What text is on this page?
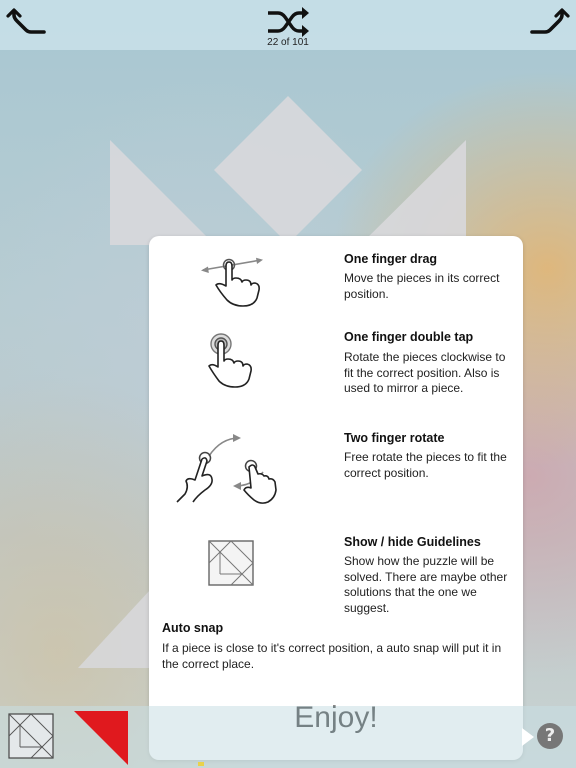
22 of 101

One finger drag

Move the pieces in its correct position.

One finger double tap

Rotate the pieces clockwise to fit the correct position. Also is used to mirror a piece.

Two finger rotate

Free rotate the pieces to fit the correct position.

Show / hide Guidelines

Show how the puzzle will be solved. There are maybe other solutions that the one we suggest.

Auto snap
If a piece is close to it's correct position, a auto snap will put it in the correct place.
?
